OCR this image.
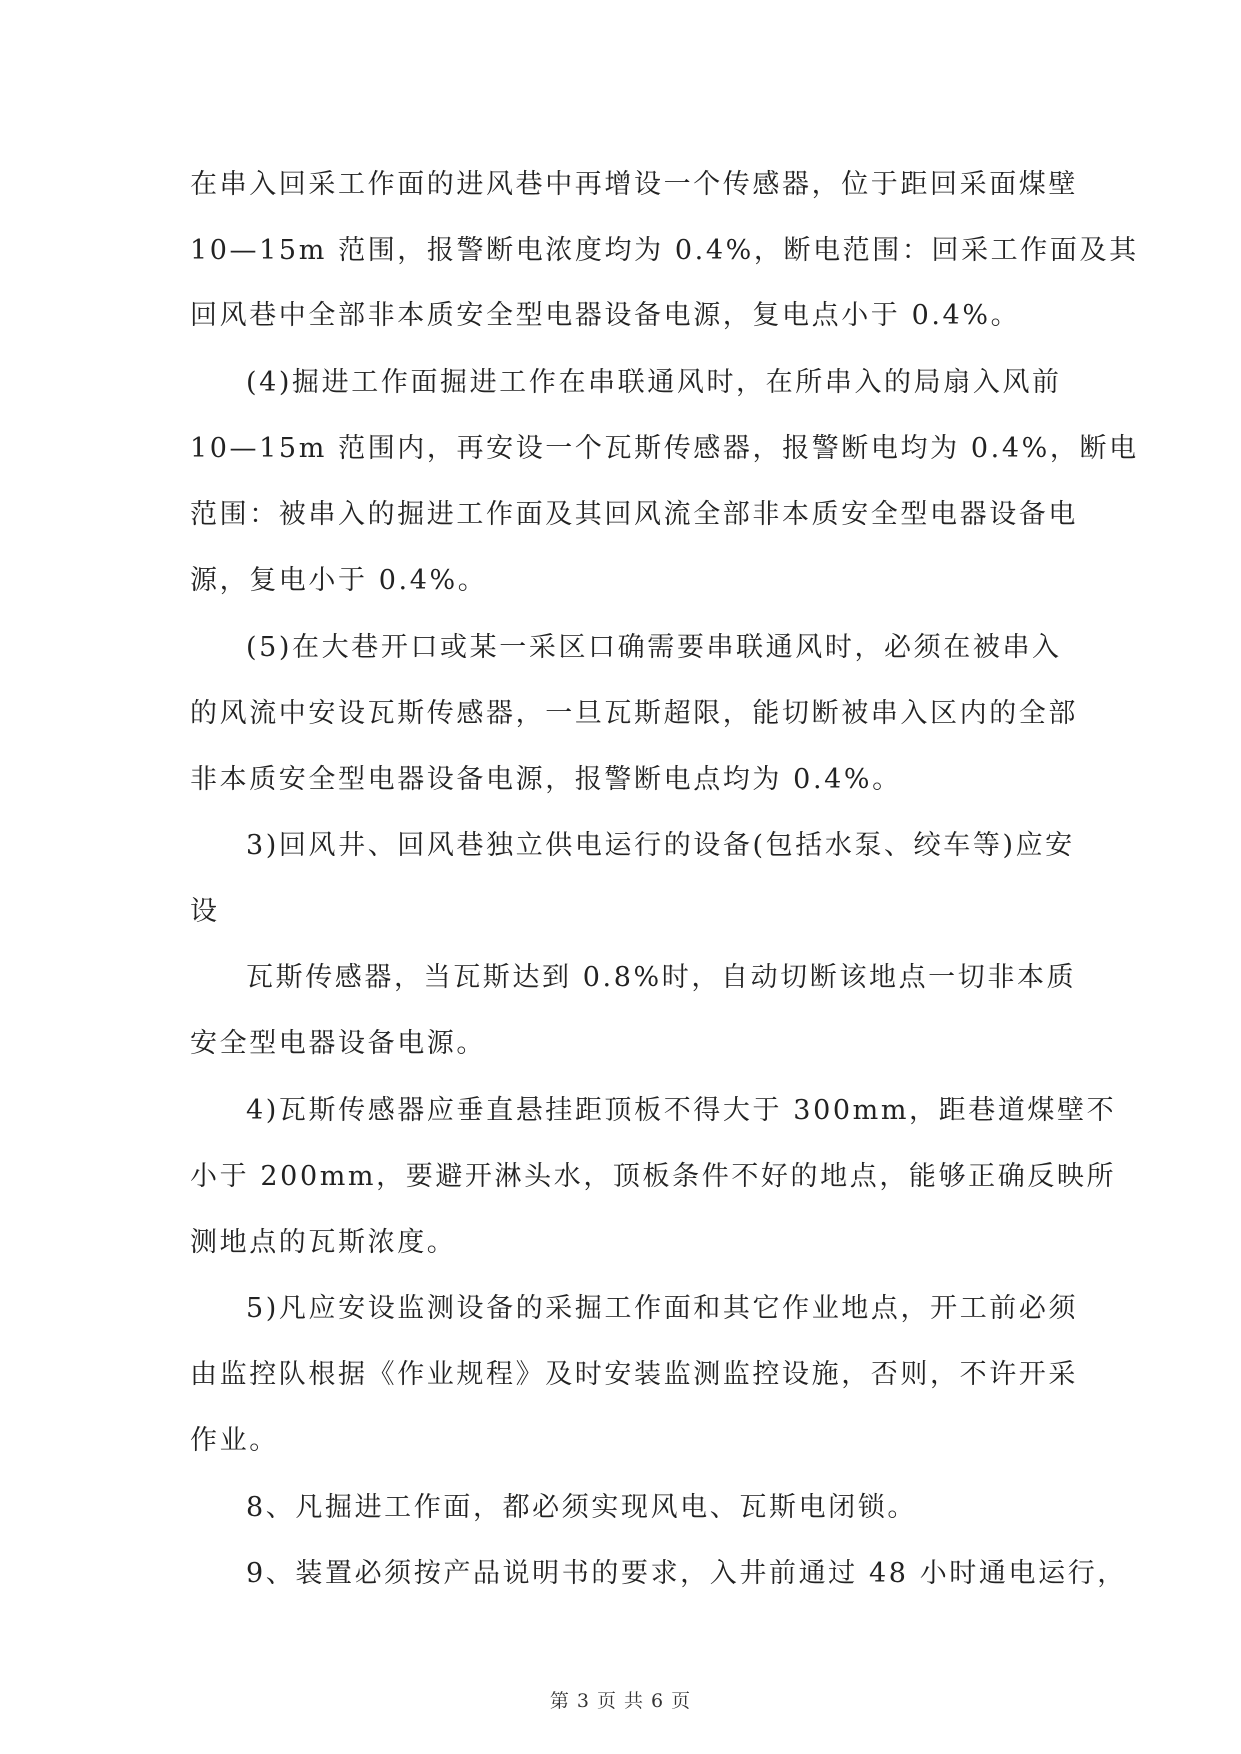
在串入回采工作面的进风巷中再增设一个传感器，位于距回采面煤壁
10—15m 范围，报警断电浓度均为 0.4%，断电范围：回采工作面及其
回风巷中全部非本质安全型电器设备电源，复电点小于 0.4%。
(4)掘进工作面掘进工作在串联通风时，在所串入的局扇入风前
10—15m 范围内，再安设一个瓦斯传感器，报警断电均为 0.4%，断电
范围：被串入的掘进工作面及其回风流全部非本质安全型电器设备电
源，复电小于 0.4%。
(5)在大巷开口或某一采区口确需要串联通风时，必须在被串入
的风流中安设瓦斯传感器，一旦瓦斯超限，能切断被串入区内的全部
非本质安全型电器设备电源，报警断电点均为 0.4%。
3)回风井、回风巷独立供电运行的设备(包括水泵、绞车等)应安
设
瓦斯传感器，当瓦斯达到 0.8%时，自动切断该地点一切非本质
安全型电器设备电源。
4)瓦斯传感器应垂直悬挂距顶板不得大于 300mm，距巷道煤壁不
小于 200mm，要避开淋头水，顶板条件不好的地点，能够正确反映所
测地点的瓦斯浓度。
5)凡应安设监测设备的采掘工作面和其它作业地点，开工前必须
由监控队根据《作业规程》及时安装监测监控设施，否则，不许开采
作业。
8、凡掘进工作面，都必须实现风电、瓦斯电闭锁。
9、装置必须按产品说明书的要求，入井前通过 48 小时通电运行，
第 3 页 共 6 页
